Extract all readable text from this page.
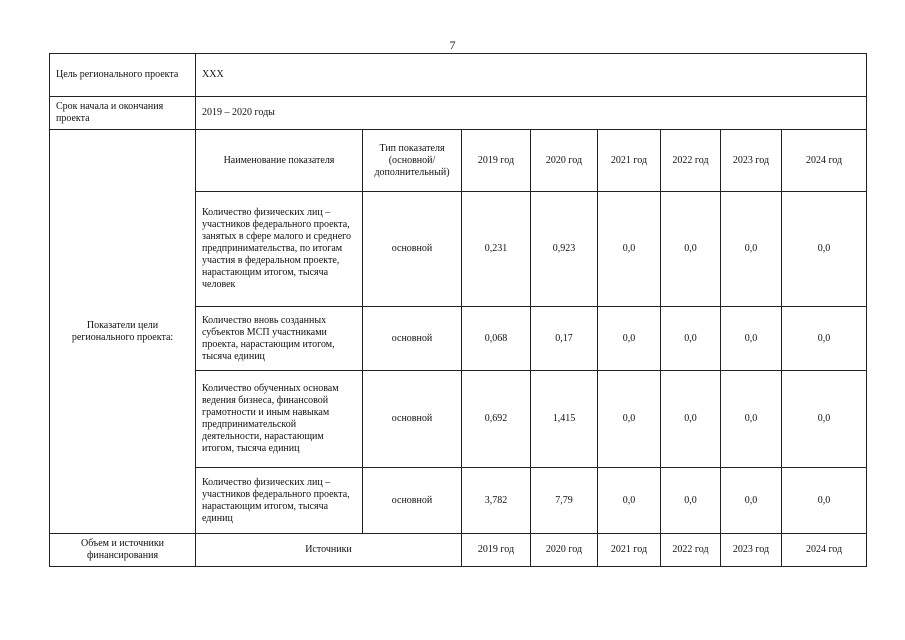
7
Цель регионального проекта	ХХХ							
Срок начала и окончания проекта	2019 – 2020 годы							
Показатели цели регионального проекта:	Наименование показателя	Тип показателя (основной/ дополнительный)	2019 год	2020 год	2021 год	2022 год	2023 год	2024 год
	Количество физических лиц – участников федерального проекта, занятых в сфере малого и среднего предпринимательства, по итогам участия в федеральном проекте, нарастающим итогом, тысяча человек	основной	0,231	0,923	0,0	0,0	0,0	0,0
	Количество вновь созданных субъектов МСП участниками проекта, нарастающим итогом, тысяча единиц	основной	0,068	0,17	0,0	0,0	0,0	0,0
	Количество обученных основам ведения бизнеса, финансовой грамотности и иным навыкам предпринимательской деятельности, нарастающим итогом, тысяча единиц	основной	0,692	1,415	0,0	0,0	0,0	0,0
	Количество физических лиц – участников федерального проекта, нарастающим итогом, тысяча единиц	основной	3,782	7,79	0,0	0,0	0,0	0,0
Объем и источники финансирования	Источники		2019 год	2020 год	2021 год	2022 год	2023 год	2024 год
